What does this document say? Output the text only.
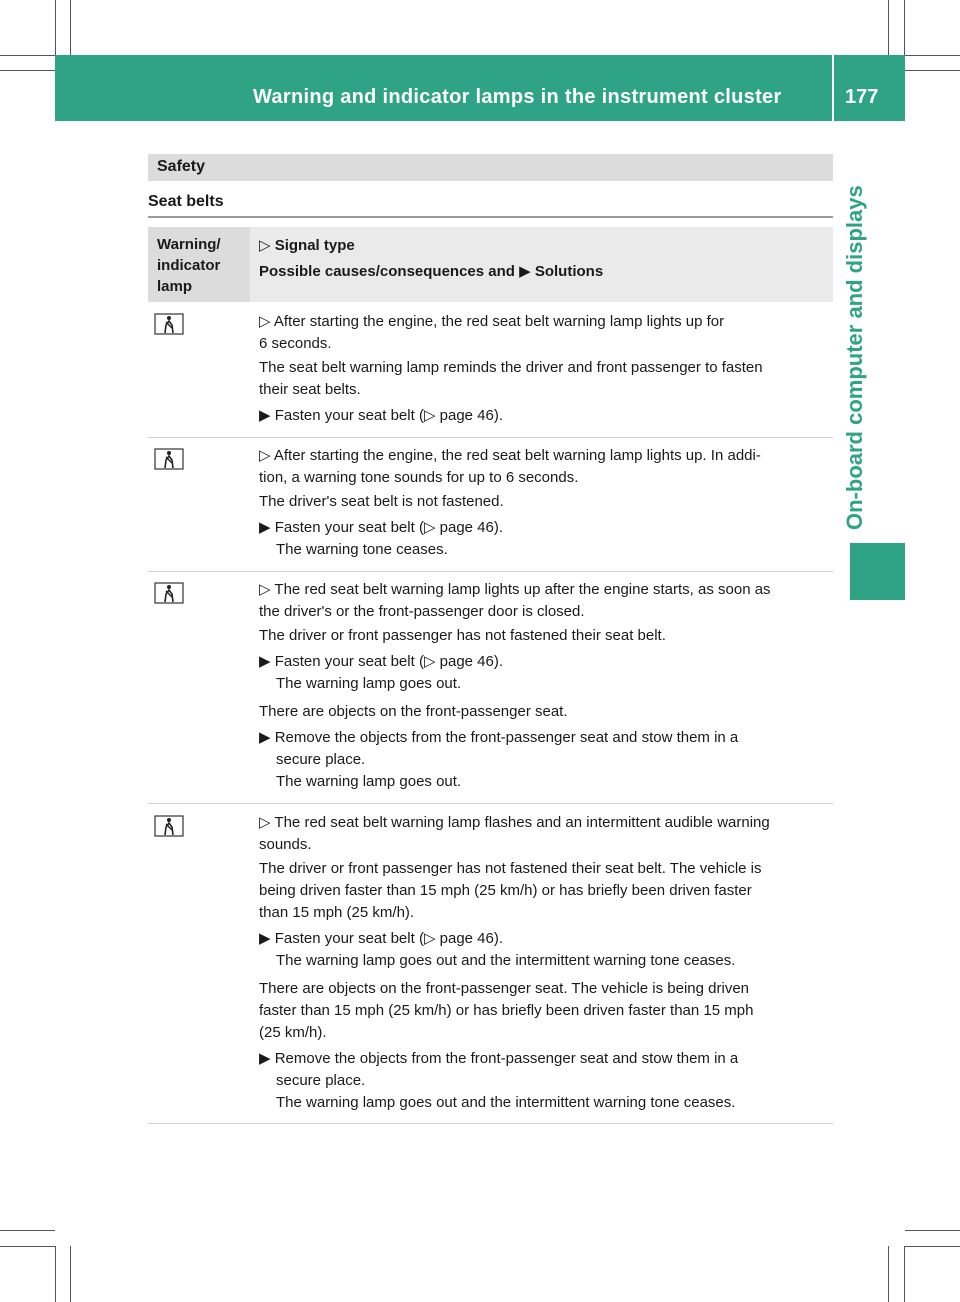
Warning and indicator lamps in the instrument cluster	177
On-board computer and displays
Safety
Seat belts
Warning/ indicator lamp
▷ Signal type
Possible causes/consequences and ▶ Solutions
▷ After starting the engine, the red seat belt warning lamp lights up for
6 seconds.
The seat belt warning lamp reminds the driver and front passenger to fasten
their seat belts.
▶ Fasten your seat belt (▷ page 46).
▷ After starting the engine, the red seat belt warning lamp lights up. In addi-
tion, a warning tone sounds for up to 6 seconds.
The driver's seat belt is not fastened.
▶ Fasten your seat belt (▷ page 46).
The warning tone ceases.
▷ The red seat belt warning lamp lights up after the engine starts, as soon as
the driver's or the front-passenger door is closed.
The driver or front passenger has not fastened their seat belt.
▶ Fasten your seat belt (▷ page 46).
The warning lamp goes out.
There are objects on the front-passenger seat.
▶ Remove the objects from the front-passenger seat and stow them in a
secure place.
The warning lamp goes out.
▷ The red seat belt warning lamp flashes and an intermittent audible warning
sounds.
The driver or front passenger has not fastened their seat belt. The vehicle is
being driven faster than 15 mph (25 km/h) or has briefly been driven faster
than 15 mph (25 km/h).
▶ Fasten your seat belt (▷ page 46).
The warning lamp goes out and the intermittent warning tone ceases.
There are objects on the front-passenger seat. The vehicle is being driven
faster than 15 mph (25 km/h) or has briefly been driven faster than 15 mph
(25 km/h).
▶ Remove the objects from the front-passenger seat and stow them in a
secure place.
The warning lamp goes out and the intermittent warning tone ceases.
